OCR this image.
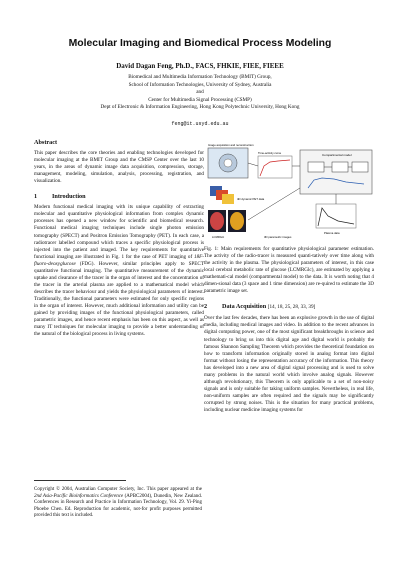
Molecular Imaging and Biomedical Process Modeling
David Dagan Feng, Ph.D., FACS, FHKIE, FIEE, FIEEE
Biomedical and Multimedia Information Technology (BMIT) Group,
School of Information Technologies, University of Sydney, Australia
and
Center for Multimedia Signal Processing (CSMP)
Dept of Electronic & Information Engineering, Hong Kong Polytechnic University, Hong Kong
feng@it.usyd.edu.au
Abstract

This paper describes the core theories and enabling technologies developed for molecular imaging at the BMIT Group and the CMSP Center over the last 10 years, in the areas of dynamic image data acquisition, compression, storage, management, modeling, simulation, analysis, processing, registration, and visualization.

1 Introduction

Modern functional medical imaging with its unique capability of extracting molecular and quantitative physiological information from complex dynamic processes has opened a new window for scientific and biomedical research. Functional medical imaging techniques include single photon emission tomography (SPECT) and Positron Emission Tomography (PET). In each case, a radiotracer labelled compound which traces a specific physiological process is injected into the patient and imaged. The key requirements for quantitative functional imaging are illustrated in Fig. 1 for the case of PET imaging of 18F-fluoro-deoxyglucose (FDG). However, similar principles apply to SPECT quantitative functional imaging. The quantitative measurement of the dynamic uptake and clearance of the tracer in the organ of interest and the concentration of the tracer in the arterial plasma are applied to a mathematical model which describes the tracer behaviour and yields the physiological parameters of interest. Traditionally, the functional parameters were estimated for only specific regions in the organ of interest. However, much additional information and utility can be gained by providing images of the functional physiological parameters, called parametric images, and hence recent emphasis has been on this aspect, as well as many IT techniques for molecular imaging to provide a better understanding of the natural of the biological process in living systems.

Copyright © 2004, Australian Computer Society, Inc. This paper appeared at the 2nd Asia-Pacific Bioinformatics Conference (APBC2004), Dunedin, New Zealand. Conferences in Research and Practice in Information Technology, Vol. 29. Yi-Ping Phoebe Chen. Ed. Reproduction for academic, not-for profit purposes permitted provided this text is included.
Image acquisition and reconstruction
4D dynamic PET data
Compartmental model
Time-activity curve
Plasma data
3D parametric images
LCMRGlc

Fig. 1: Main requirements for quantitative physiological parameter estimation. The activity of the radio-tracer is measured quanti-tatively over time along with the activity in the plasma. The physiological parameters of interest, in this case local cerebral metabolic rate of glucose (LCMRGlc), are estimated by applying a mathemati-cal model (compartmental model) to the data. It is worth noting that 4 dimen-sional data (3 space and 1 time dimension) are re-quired to estimate the 3D parametric image set.

2 Data Acquisition [14, 18, 25, 28, 33, 39]

Over the last few decades, there has been an explosive growth in the use of digital media, including medical images and video. In addition to the recent advances in digital computing power, one of the most significant breakthroughs in science and technology to bring us into this digital age and digital world is probably the famous Shannon Sampling Theorem which provides the theoretical foundation on how to transform information originally stored in analog format into digital format without losing the representation accuracy of the information. This theory has developed into a new area of digital signal processing and is used to solve many problems in the natural world which involve analog signals. However although revolutionary, this Theorem is only applicable to a set of non-noisy signals and is only suitable for taking uniform samples. Nevertheless, in real life, non-uniform samples are often required and the signals may be significantly corrupted by strong noises. This is the situation for many practical problems, including nuclear medicine imaging systems for
